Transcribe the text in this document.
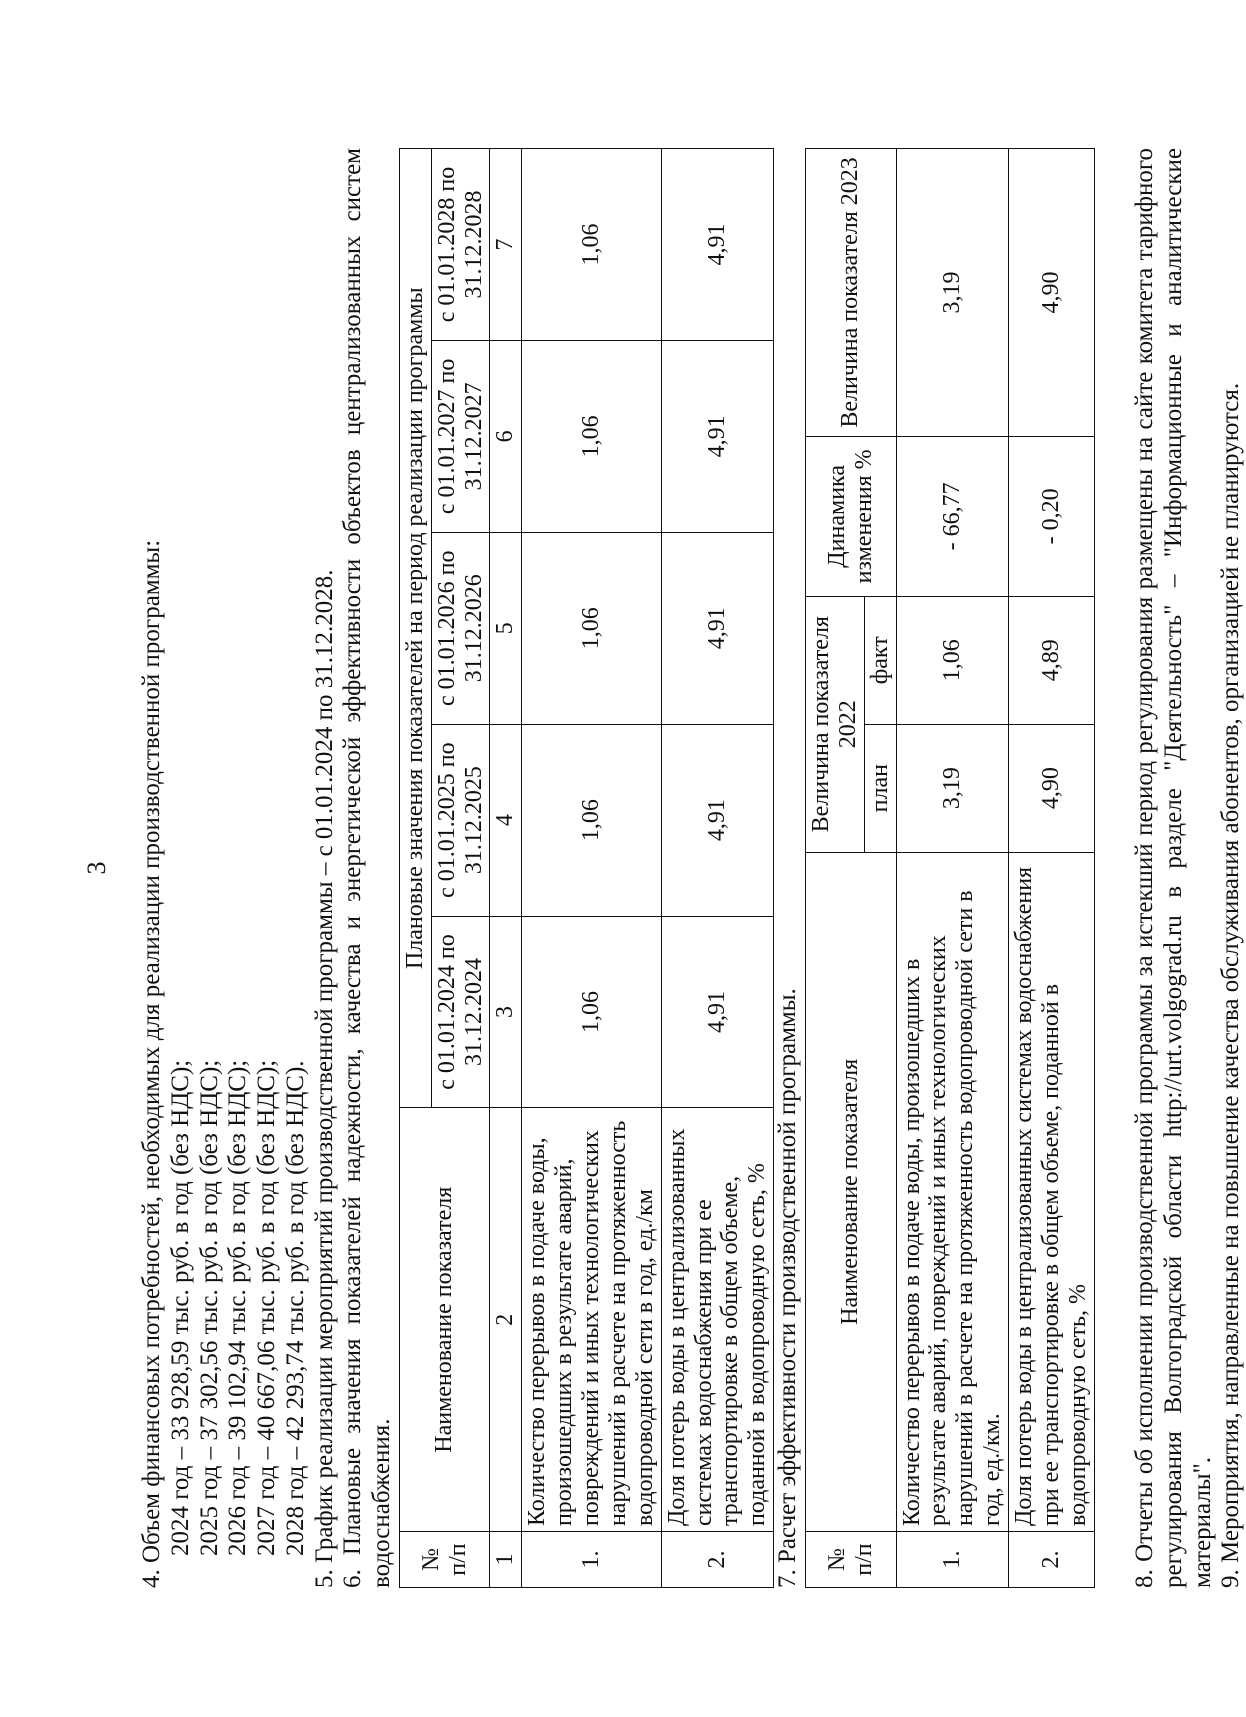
3 4. Объем финансовых потребностей, необходимых для реализации производственной программы: 2024 год – 33 928,59 тыс. руб. в год (без НДС); 2025 год – 37 302,56 тыс. руб. в год (без НДС); 2026 год – 39 102,94 тыс. руб. в год (без НДС); 2027 год – 40 667,06 тыс. руб. в год (без НДС); 2028 год – 42 293,74 тыс. руб. в год (без НДС). 5. График реализации мероприятий производственной программы – с 01.01.2024 по 31.12.2028. 6. Плановые значения показателей надежности, качества и энергетической эффективности объектов централизованных систем водоснабжения. № п/п	Наименование показателя	Плановые значения показателей на период реализации программы				
		с 01.01.2024 по 31.12.2024	с 01.01.2025 по 31.12.2025	с 01.01.2026 по 31.12.2026	с 01.01.2027 по 31.12.2027	с 01.01.2028 по 31.12.2028
1	2	3	4	5	6	7
1.	Количество перерывов в подаче воды, произошедших в результате аварий, повреждений и иных технологических нарушений в расчете на протяженность водопроводной сети в год, ед./км	1,06	1,06	1,06	1,06	1,06
2.	Доля потерь воды в централизованных системах водоснабжения при ее транспортировке в общем объеме, поданной в водопроводную сеть, %	4,91	4,91	4,91	4,91	4,91

7. Расчет эффективности производственной программы. № п/п	Наименование показателя	Величина показателя 2022		Динамика изменения %	Величина показателя 2023
		план	факт		
1.	Количество перерывов в подаче воды, произошедших в результате аварий, повреждений и иных технологических нарушений в расчете на протяженность водопроводной сети в год, ед./км.	3,19	1,06	- 66,77	3,19
2.	Доля потерь воды в централизованных системах водоснабжения при ее транспортировке в общем объеме, поданной в водопроводную сеть, %	4,90	4,89	- 0,20	4,90	8. Отчеты об исполнении производственной программы за истекший период регулирования размещены на сайте комитета тарифного регулирования Волгоградской области http://urt.volgograd.ru в разделе "Деятельность" – "Информационные и аналитические материалы". 9. Мероприятия, направленные на повышение качества обслуживания абонентов, организацией не планируются.
